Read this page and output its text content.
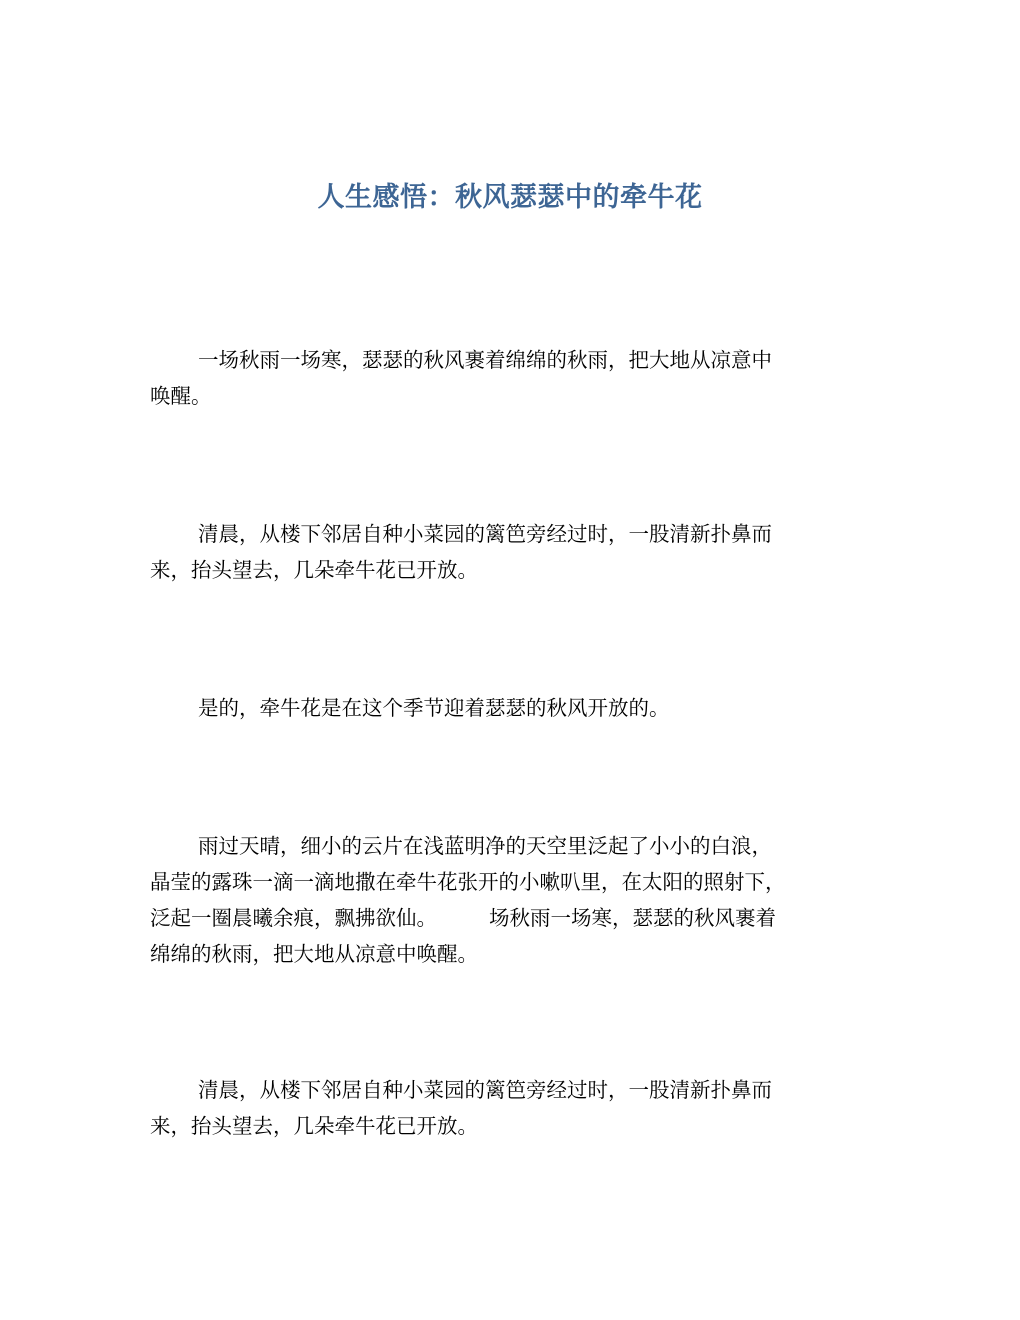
人生感悟：秋风瑟瑟中的牵牛花
一场秋雨一场寒，瑟瑟的秋风裹着绵绵的秋雨，把大地从凉意中
唤醒。
清晨，从楼下邻居自种小菜园的篱笆旁经过时，一股清新扑鼻而
来，抬头望去，几朵牵牛花已开放。
是的，牵牛花是在这个季节迎着瑟瑟的秋风开放的。
雨过天晴，细小的云片在浅蓝明净的天空里泛起了小小的白浪，
晶莹的露珠一滴一滴地撒在牵牛花张开的小嗽叭里，在太阳的照射下，
泛起一圈晨曦余痕，飘拂欲仙。	场秋雨一场寒，瑟瑟的秋风裹着
绵绵的秋雨，把大地从凉意中唤醒。
清晨，从楼下邻居自种小菜园的篱笆旁经过时，一股清新扑鼻而
来，抬头望去，几朵牵牛花已开放。
